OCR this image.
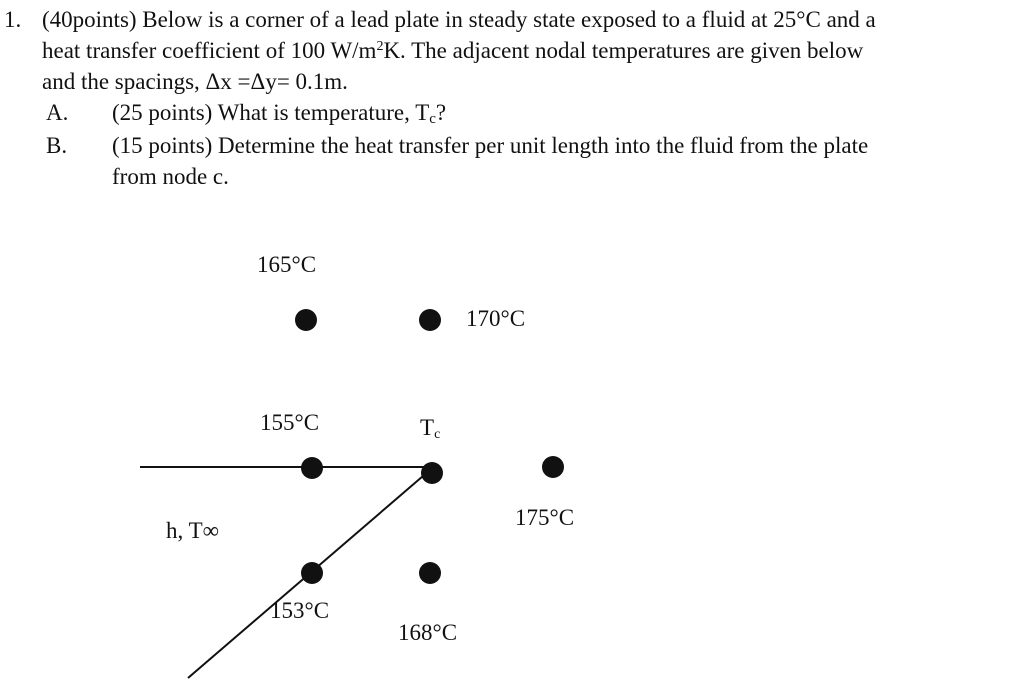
1. (40points) Below is a corner of a lead plate in steady state exposed to a fluid at 25°C and a
heat transfer coefficient of 100 $W/m^2K$. The adjacent nodal temperatures are given below
and the spacings, Δx =Δy= 0.1m.
A. (25 points) What is temperature, $T_c$?
B. (15 points) Determine the heat transfer per unit length into the fluid from the plate
from node c.
165°C
170°C
155°C	Tc
175°C
h, T∞
153°C
168°C
